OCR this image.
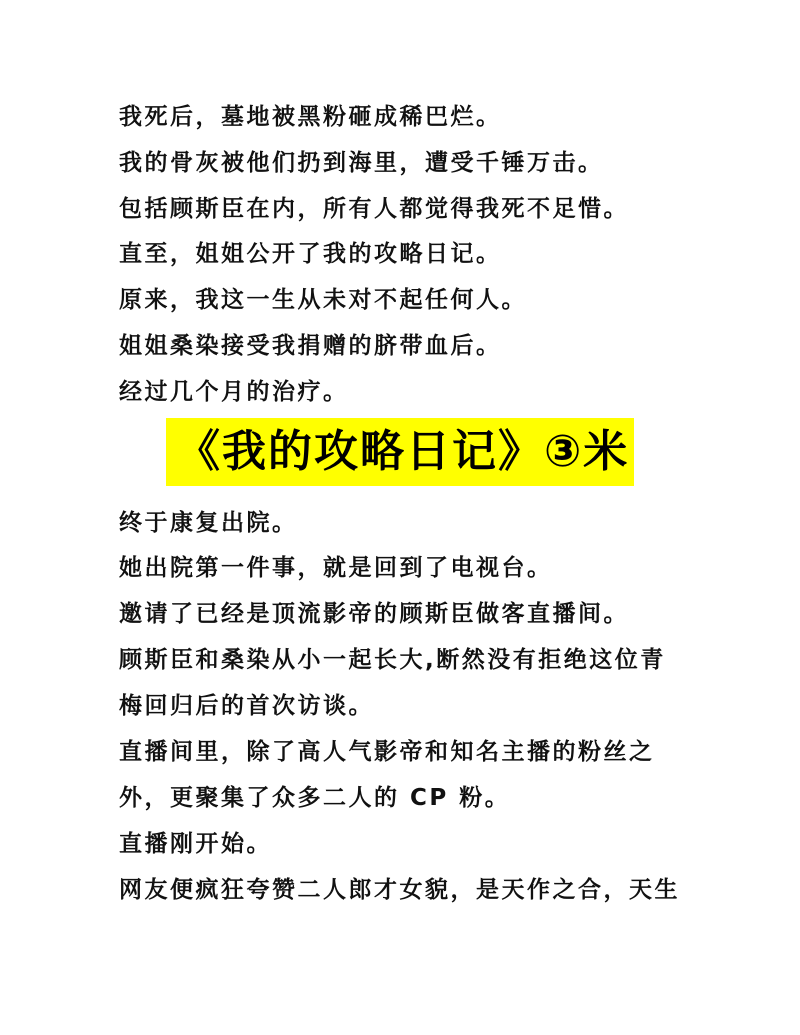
我死后，墓地被黑粉砸成稀巴烂。
我的骨灰被他们扔到海里，遭受千锤万击。
包括顾斯臣在内，所有人都觉得我死不足惜。
直至，姐姐公开了我的攻略日记。
原来，我这一生从未对不起任何人。
姐姐桑染接受我捐赠的脐带血后。
经过几个月的治疗。
《我的攻略日记》③米
终于康复出院。
她出院第一件事，就是回到了电视台。
邀请了已经是顶流影帝的顾斯臣做客直播间。
顾斯臣和桑染从小一起长大,断然没有拒绝这位青
梅回归后的首次访谈。
直播间里，除了高人气影帝和知名主播的粉丝之
外，更聚集了众多二人的 CP 粉。
直播刚开始。
网友便疯狂夸赞二人郎才女貌，是天作之合，天生
